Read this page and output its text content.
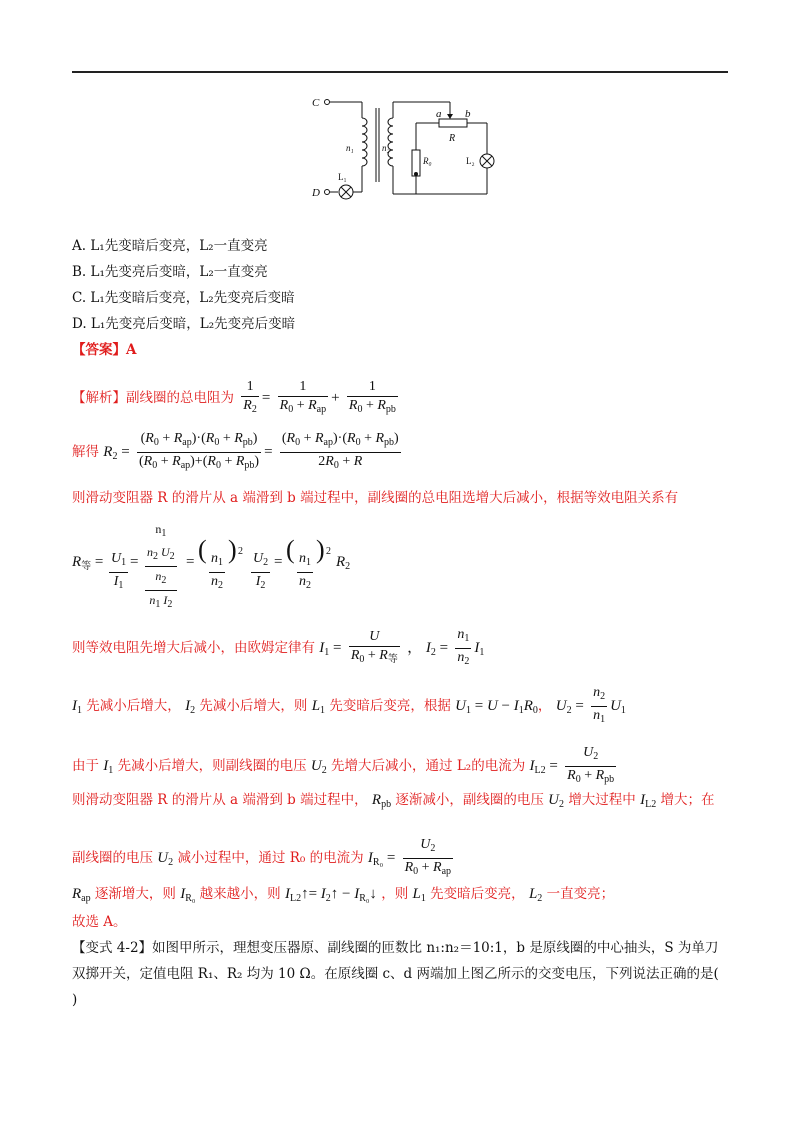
C
D
n₁	n₂
a b
R
R₀
L₁
L₂
A. L₁先变暗后变亮，L₂一直变亮
B. L₁先变亮后变暗，L₂一直变亮
C. L₁先变暗后变亮，L₂先变亮后变暗
D. L₁先变亮后变暗，L₂先变亮后变暗
【答案】A
【解析】副线圈的总电阻为 $\frac{1}{R_2} = \frac{1}{R_0 + R_{ap}} + \frac{1}{R_0 + R_{pb}}$
解得 $R_2 = \frac{(R_0 + R_{ap})\cdot(R_0 + R_{pb})}{(R_0 + R_{ap})+(R_0 + R_{pb})} = \frac{(R_0 + R_{ap})\cdot(R_0 + R_{pb})}{2R_0 + R}$
则滑动变阻器 R 的滑片从 a 端滑到 b 端过程中，副线圈的总电阻选增大后减小，根据等效电阻关系有
$R_等 = \frac{U_1}{I_1}$ =
$n_1$
$n_2$ $U_2$
$n_2$
$n_1$ $I_2$
= (
$\frac{n_1}{n_2}$
) $2 \frac{U_2}{I_2}$ = (
$\frac{n_1}{n_2}$
) 2
$R_2$
则等效电阻先增大后减小，由欧姆定律有 $I_1 = \frac{U}{R_0 + R_等}$ ， $I_2 = \frac{n_1}{n_2} I_1$
$I_1$ 先减小后增大， $I_2$ 先减小后增大，则 $L_1$ 先变暗后变亮，根据 $U_1 = U - I_1R_0$， $U_2 = \frac{n_2}{n_1} U_1$
由于 $I_1$ 先减小后增大，则副线圈的电压 $U_2$ 先增大后减小，通过 L₂的电流为 $I_{L2} = \frac{U_2}{R_0 + R_{pb}}$
则滑动变阻器 R 的滑片从 a 端滑到 b 端过程中， $R_{pb}$ 逐渐减小，副线圈的电压 $U_2$ 增大过程中 $I_{L2}$ 增大；在
副线圈的电压 $U_2$ 减小过程中，通过 R₀ 的电流为 $I_{R_0} = \frac{U_2}{R_0 + R_{ap}}$
$R_{ap}$ 逐渐增大，则 $I_{R_0}$ 越来越小，则 $I_{L2}↑=$ $I_2↑$ − $I_{R_0}↓$ ，则 $L_1$ 先变暗后变亮， $L_2$ 一直变亮；
故选 A。
【变式 4-2】如图甲所示，理想变压器原、副线圈的匝数比 n₁:n₂＝10:1，b 是原线圈的中心抽头，S 为单刀
双掷开关，定值电阻 R₁、R₂ 均为 10 Ω。在原线圈 c、d 两端加上图乙所示的交变电压，下列说法正确的是(
)
